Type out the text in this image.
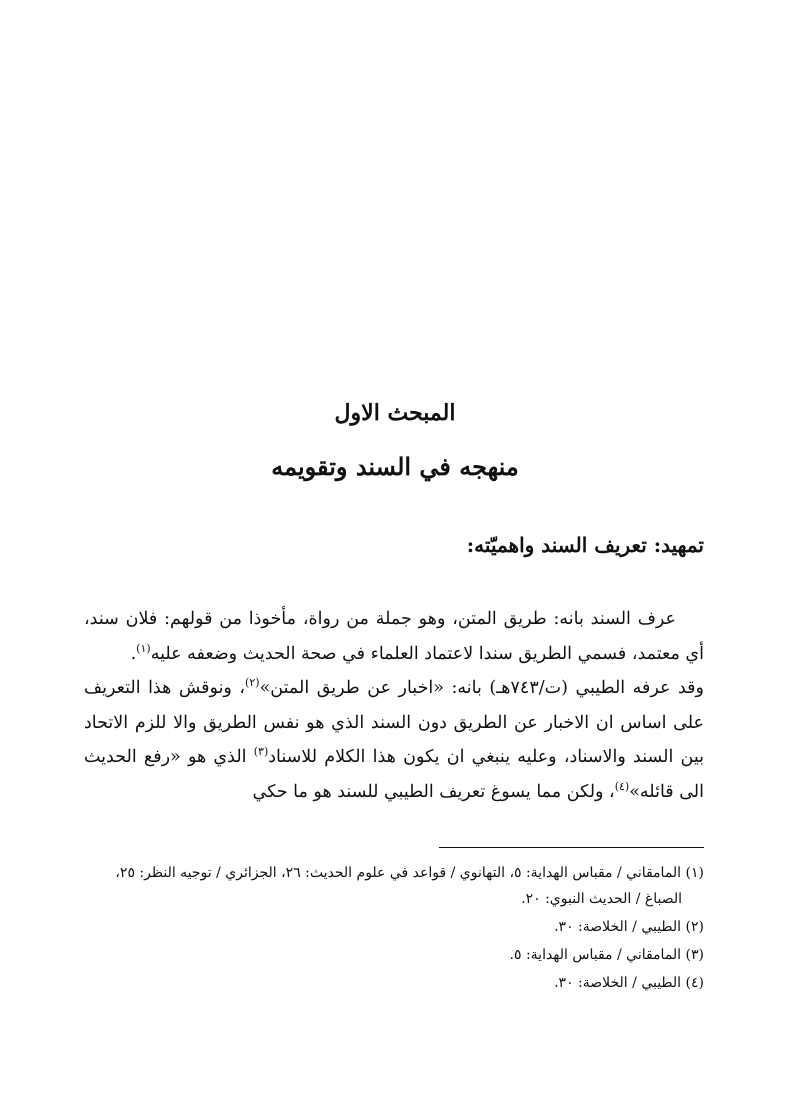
المبحث الاول
منهجه في السند وتقويمه
تمهيد: تعريف السند واهميّته:

عرف السند بانه: طريق المتن، وهو جملة من رواة، مأخوذا من قولهم: فلان سند، أي معتمد، فسمي الطريق سندا لاعتماد العلماء في صحة الحديث وضعفه عليه$^{(١)}$.

وقد عرفه الطيبي (ت/٧٤٣هـ) بانه: «اخبار عن طريق المتن»$^{(٢)}$، ونوقش هذا التعريف على اساس ان الاخبار عن الطريق دون السند الذي هو نفس الطريق والا للزم الاتحاد بين السند والاسناد، وعليه ينبغي ان يكون هذا الكلام للاسناد$^{(٣)}$ الذي هو «رفع الحديث الى قائله»$^{(٤)}$، ولكن مما يسوغ تعريف الطيبي للسند هو ما حكي

(١) المامقاني / مقباس الهداية: ٥، التهانوي / قواعد في علوم الحديث: ٢٦، الجزائري / توجيه النظر: ٢٥،
الصباغ / الحديث النبوي: ٢٠.
(٢) الطيبي / الخلاصة: ٣٠.
(٣) المامقاني / مقباس الهداية: ٥.
(٤) الطيبي / الخلاصة: ٣٠.
